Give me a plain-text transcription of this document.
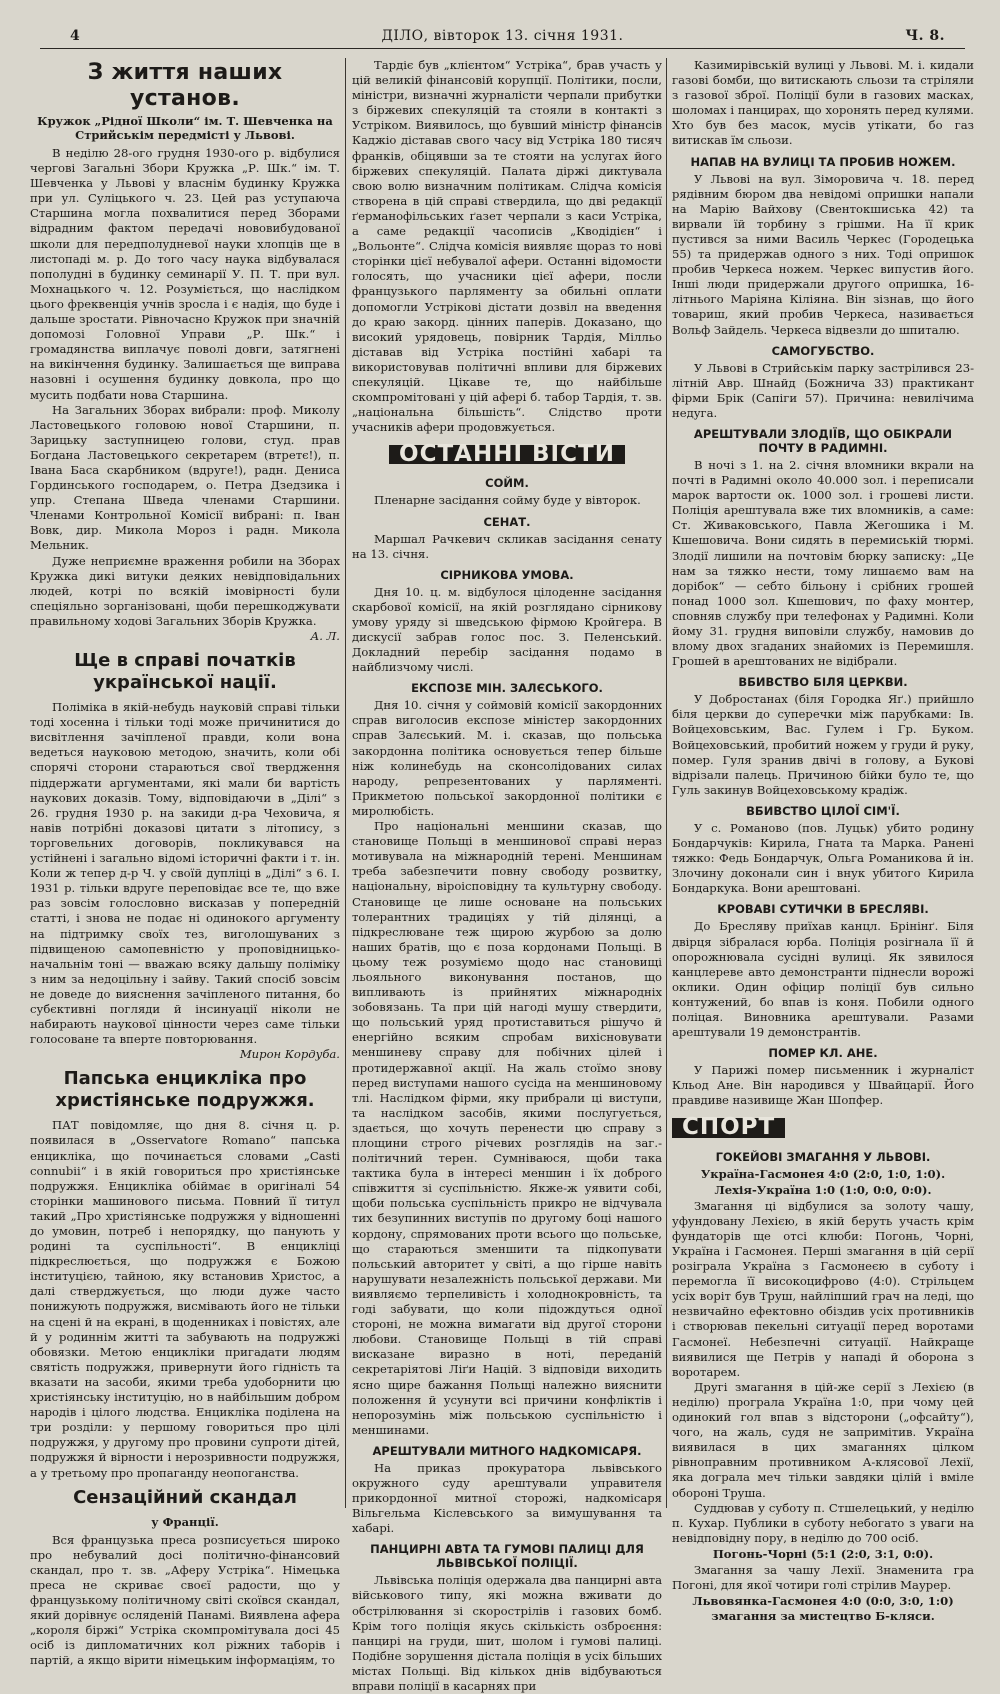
4	ДІЛО, вівторок 13. січня 1931.	Ч. 8.
З життя наших установ.
Кружок „Рідної Школи“ ім. Т. Шевченка на Стрийськім передмісті у Львові.

В неділю 28-ого грудня 1930-ого р. відбулися чергові Загальні Збори Кружка „Р. Шк.“ ім. Т. Шевченка у Львові у власнім будинку Кружка при ул. Суліцького ч. 23. Цей раз уступаюча Старшина могла похвалитися перед Зборами відрадним фактом передачі нововибудованої школи для передполудневої науки хлопців ще в листопаді м. р. До того часу наука відбувалася пополудні в будинку семинарії У. П. Т. при вул. Мохнацького ч. 12. Розуміється, що наслідком цього фреквенція учнів зросла і є надія, що буде і дальше зростати. Рівночасно Кружок при значній допомозі Головної Управи „Р. Шк.“ і громадянства виплачує поволі довги, затягнені на викінчення будинку. Залишається ще виправа назовні і осушення будинку довкола, про що мусить подбати нова Старшина.

На Загальних Зборах вибрали: проф. Миколу Ластовецького головою нової Старшини, п. Зарицьку заступницею голови, студ. прав Богдана Ластовецького секретарем (втретє!), п. Івана Баса скарбником (вдруге!), радн. Дениса Гординського господарем, о. Петра Дзедзика і упр. Степана Шведа членами Старшини. Членами Контрольної Комісії вибрані: п. Іван Вовк, дир. Микола Мороз і радн. Микола Мельник.

Дуже неприємне враження робили на Зборах Кружка дикі витуки деяких невідповідальних людей, котрі по всякій імовірності були спеціяльно зорганізовані, щоби перешкоджувати правильному ходові Загальних Зборів Кружка.

А. Л.
Ще в справі початків української нації.

Поліміка в якій-небудь науковій справі тільки тоді хосенна і тільки тоді може причинитися до висвітлення зачіпленої правди, коли вона ведеться науковою методою, значить, коли обі спорячі сторони стараються свої твердження піддержати аргументами, які мали би вартість наукових доказів. Тому, відповідаючи в „Ділі“ з 26. грудня 1930 р. на закиди д-ра Чеховича, я навів потрібні доказові цитати з літопису, з торговельних договорів, покликувався на устійнені і загально відомі історичні факти і т. ін. Коли ж тепер д-р Ч. у своїй дупліці в „Ділі“ з 6. І. 1931 р. тільки вдруге переповідає все те, що вже раз зовсім голословно висказав у попередній статті, і знова не подає ні одинокого аргументу на підтримку своїх тез, виголошуваних з підвищеною самопевністю у проповідницько-начальнім тоні — вважаю всяку дальшу поліміку з ним за недоцільну і зайву. Такий спосіб зовсім не доведе до вияснення зачіпленого питання, бо субєктивні погляди й інсинуації ніколи не набирають наукової цінности через саме тільки голосоване та вперте повторювання.

Мирон Кордуба.
Папська енцикліка про христіянське подружжя.

ПАТ повідомляє, що дня 8. січня ц. р. появилася в „Osservatore Romano“ папська енцикліка, що починається словами „Casti connubii“ і в якій говориться про христіянське подружжя. Енцикліка обіймає в оригіналі 54 сторінки машинового письма. Повний її титул такий „Про христіянське подружжя у відношенні до умовин, потреб і непорядку, що панують у родині та суспільності“. В енцикліці підкреслюється, що подружжя є Божою інституцією, тайною, яку встановив Христос, а далі стверджується, що люди дуже часто понижують подружжя, висмівають його не тільки на сцені й на екрані, в щоденниках і повістях, але й у родиннім житті та забувають на подружжі обовязки. Метою енцикліки пригадати людям святість подружжя, привернути його гідність та вказати на засоби, якими треба удоборнити цю христіянську інституцію, но в найбільшим добром народів і цілого людства. Енцикліка поділена на три розділи: у першому говориться про цілі подружжя, у другому про провини супроти дітей, подружжя й вірности і нерозривности подружжя, а у третьому про пропаганду неопоганства.

Сензаційний скандал
у Франції.

Вся французька преса розписується широко про небувалий досі політично-фінансовий скандал, про т. зв. „Аферу Устріка“. Німецька преса не скриває своєї радости, що у французькому політичному світі скоївся скандал, який дорівнує осляденій Панамі. Виявлена афера „короля біржі“ Устріка скомпромітувала досі 45 осіб із дипломатичних кол ріжних таборів і партій, а якщо вірити німецьким інформаціям, то

Тардіє був „клієнтом“ Устріка“, брав участь у цій великій фінансовій корупції. Політики, посли, міністри, визначні журналісти черпали прибутки з біржевих спекуляцій та стояли в контакті з Устріком. Виявилось, що бувший міністр фінансів Каджіо діставав свого часу від Устріка 180 тисяч франків, обіцявши за те стояти на услугах його біржевих спекуляцій. Палата діржі диктувала свою волю визначним політикам. Слідча комісія створена в цій справі ствердила, що дві редакції ґерманофільських ґазет черпали з каси Устріка, а саме редакції часописів „Кводідієн“ і „Вольонте“. Слідча комісія виявляє щораз то нові сторінки цієї небувалої афери. Останні відомости голосять, що учасники цієї афери, посли французького парляменту за обильні оплати допомогли Устрікові дістати дозвіл на введення до краю закорд. цінних паперів. Доказано, що високий урядовець, повірник Тардія, Мілльо діставав від Устріка постійні хабарі та використовував політичні впливи для біржевих спекуляцій. Цікаве те, що найбільше скомпромітовані у цій афері б. табор Тардія, т. зв. „національна більшість“. Слідство проти учасників афери продовжується.

ОСТАННІ ВІСТИ
СОЙМ.

Пленарне засідання сойму буде у вівторок.

СЕНАТ.

Маршал Рачкевич скликав засідання сенату на 13. січня.

СІРНИКОВА УМОВА.

Дня 10. ц. м. відбулося цілоденне засідання скарбової комісії, на якій розглядано сірникову умову уряду зі шведською фірмою Кройгера. В дискусії забрав голос пос. З. Пеленський. Докладний перебір засідання подамо в найблизчому числі.

ЕКСПОЗЕ МІН. ЗАЛЄСЬКОГО.

Дня 10. січня у соймовій комісії закордонних справ виголосив експозе міністер закордонних справ Залєський. М. і. сказав, що польська закордонна політика основується тепер більше ніж колинебудь на сконсолідованих силах народу, репрезентованих у парляменті. Прикметою польської закордонної політики є миролюбість.

Про національні меншини сказав, що становище Польщі в меншинової справі нераз мотивувала на міжнародній терені. Меншинам треба забезпечити повну свободу розвитку, національну, віроісповідну та культурну свободу. Становище це лише основане на польських толерантних традиціях у тій ділянці, а підкреслюване теж щирою журбою за долю наших братів, що є поза кордонами Польщі. В цьому теж розуміємо щодо нас становищі льояльного виконування постанов, що випливають із прийнятих міжнародніх зобовязань. Та при цій нагоді мушу ствердити, що польський уряд протиставиться рішучо й енергійно всяким спробам вихісновувати меншиневу справу для побічних цілей і протидержавної акції. На жаль стоїмо знову перед виступами нашого сусіда на меншиновому тлі. Наслідком фірми, яку прибрали ці виступи, та наслідком засобів, якими послугується, здається, що хочуть перенести цю справу з площини строго річевих розглядів на заг.-політичний терен. Сумніваюся, щоби така тактика була в інтересі меншин і їх доброго співжиття зі суспільністю. Якже-ж уявити собі, щоби польська суспільність прикро не відчувала тих безупинних виступів по другому боці нашого кордону, спрямованих проти всього що польське, що стараються зменшити та підкопувати польський авторитет у світі, а що гірше навіть нарушувати незалежність польської держави. Ми виявляємо терпеливість і холоднокровність, та годі забувати, що коли підождуться одної стороні, не можна вимагати від другої сторони любови. Становище Польщі в тій справі висказане виразно в ноті, переданій секретаріятові Ліґи Націй. З відповіди виходить ясно щире бажання Польщі належно вияснити положення й усунути всі причини конфліктів і непорозумінь між польською суспільністю і меншинами.

АРЕШТУВАЛИ МИТНОГО НАДКОМІСАРЯ.

На приказ прокуратора львівського окружного суду арештували управителя прикордонної митної сторожі, надкомісаря Вільгельма Кіслевського за вимушування та хабарі.

ПАНЦИРНІ АВТА ТА ГУМОВІ ПАЛИЦІ ДЛЯ ЛЬВІВСЬКОЇ ПОЛІЦІЇ.

Львівська поліція одержала два панцирні авта військового типу, які можна вживати до обстрілювання зі скорострілів і газових бомб. Крім того поліція якусь скількість озброєння: панцирі на груди, шит, шолом і гумові палиці. Подібне зорушення дістала поліція в усіх більших містах Польщі. Від кількох днів відбуваються вправи поліції в касарнях при

Казимирівській вулиці у Львові. М. і. кидали газові бомби, що витискають сльози та стріляли з газової зброї. Поліції були в газових масках, шоломах і панцирах, що хоронять перед кулями. Хто був без масок, мусів утікати, бо газ витискав їм сльози.

НАПАВ НА ВУЛИЦІ ТА ПРОБИВ НОЖЕМ.

У Львові на вул. Зіморовича ч. 18. перед рядівним бюром два невідомі опришки напали на Марію Вайхову (Свентокшиська 42) та вирвали їй торбину з грішми. На її крик пустився за ними Василь Черкес (Городецька 55) та придержав одного з них. Тоді опришок пробив Черкеса ножем. Черкес випустив його. Інші люди придержали другого опришка, 16-літнього Маріяна Кіліяна. Він зізнав, що його товариш, який пробив Черкеса, називається Вольф Зайдель. Черкеса відвезли до шпиталю.

САМОГУБСТВО.

У Львові в Стрийськім парку застрілився 23-літній Авр. Шнайд (Божнича 33) практикант фірми Брік (Сапіги 57). Причина: невилічима недуга.

АРЕШТУВАЛИ ЗЛОДІЇВ, ЩО ОБІКРАЛИ ПОЧТУ В РАДИМНІ.

В ночі з 1. на 2. січня вломники вкрали на почті в Радимні около 40.000 зол. і переписали марок вартости ок. 1000 зол. і грошеві листи. Поліція арештувала вже тих вломників, а саме: Ст. Живаковського, Павла Жегошика і М. Кшешовича. Вони сидять в перемиській тюрмі. Злодії лишили на почтовім бюрку записку: „Це нам за тяжко нести, тому лишаємо вам на дорібок“ — себто більону і срібних грошей понад 1000 зол. Кшешович, по фаху монтер, сповняв службу при телефонах у Радимні. Коли йому 31. грудня виповіли службу, намовив до влому двох згаданих знайомих із Перемишля. Грошей в арештованих не відібрали.

ВБИВСТВО БІЛЯ ЦЕРКВИ.

У Добростанах (біля Городка Яґ.) прийшло біля церкви до суперечки між парубками: Ів. Войцеховським, Вас. Гулем і Гр. Буком. Войцеховський, пробитий ножем у груди й руку, помер. Гуля зранив двічі в голову, а Букові відрізали палець. Причиною бійки було те, що Гуль закинув Войцеховському крадіж.

ВБИВСТВО ЦІЛОЇ СІМ'Ї.

У с. Романово (пов. Луцьк) убито родину Бондарчуків: Кирила, Гната та Марка. Ранені тяжко: Федь Бондарчук, Ольга Романикова й ін. Злочину доконали син і внук убитого Кирила Бондаркука. Вони арештовані.

КРОВАВІ СУТИЧКИ В БРЕСЛЯВІ.

До Бресляву приїхав канцл. Брінінґ. Біля двірця зібралася юрба. Поліція розігнала її й опорожнювала сусідні вулиці. Як зявилося канцлереве авто демонстранти піднесли ворожі оклики. Один офіцир поліції був сильно контужений, бо впав із коня. Побили одного поліцая. Виновника арештували. Разами арештували 19 демонстрантів.

ПОМЕР КЛ. АНЕ.

У Парижі помер письменник і журналіст Кльод Ане. Він народився у Швайцарії. Його правдиве називище Жан Шопфер.

СПОРТ
ГОКЕЙОВІ ЗМАГАННЯ У ЛЬВОВІ.
Україна-Гасмонея 4:0 (2:0, 1:0, 1:0).
Лехія-Україна 1:0 (1:0, 0:0, 0:0).

Змагання ці відбулися за золоту чашу, уфундовану Лехією, в якій беруть участь крім фундаторів ще отсі клюби: Погонь, Чорні, Україна і Гасмонея. Перші змагання в цій серії розіграла Україна з Гасмонеєю в суботу і перемогла її високоцифрово (4:0). Стрільцем усіх воріт був Труш, найліпший грач на леді, що незвичайно ефектовно обіздив усіх противників і створював пекельні ситуації перед воротами Гасмонеї. Небезпечні ситуації. Найкраще виявилися ще Петрів у нападі й оборона з воротарем.

Другі змагання в цій-же серії з Лехією (в неділю) програла Україна 1:0, при чому цей одинокий гол впав з відсторони („офсайту“), чого, на жаль, судя не запримітив. Україна виявилася в цих змаганнях цілком рівноправним противником А-клясової Лехії, яка дограла меч тільки завдяки цілій і вміле обороні Труша.

Суддював у суботу п. Стшелецький, у неділю п. Кухар. Публики в суботу небогато з уваги на невідповідну пору, в неділю до 700 осіб.

Погонь-Чорні (5:1 (2:0, 3:1, 0:0).

Змагання за чашу Лехії. Знаменита гра Погоні, для якої чотири голі стрілив Маурер.

Львовянка-Гасмонея 4:0 (0:0, 3:0, 1:0) змагання за мистецтво Б-кляси.
